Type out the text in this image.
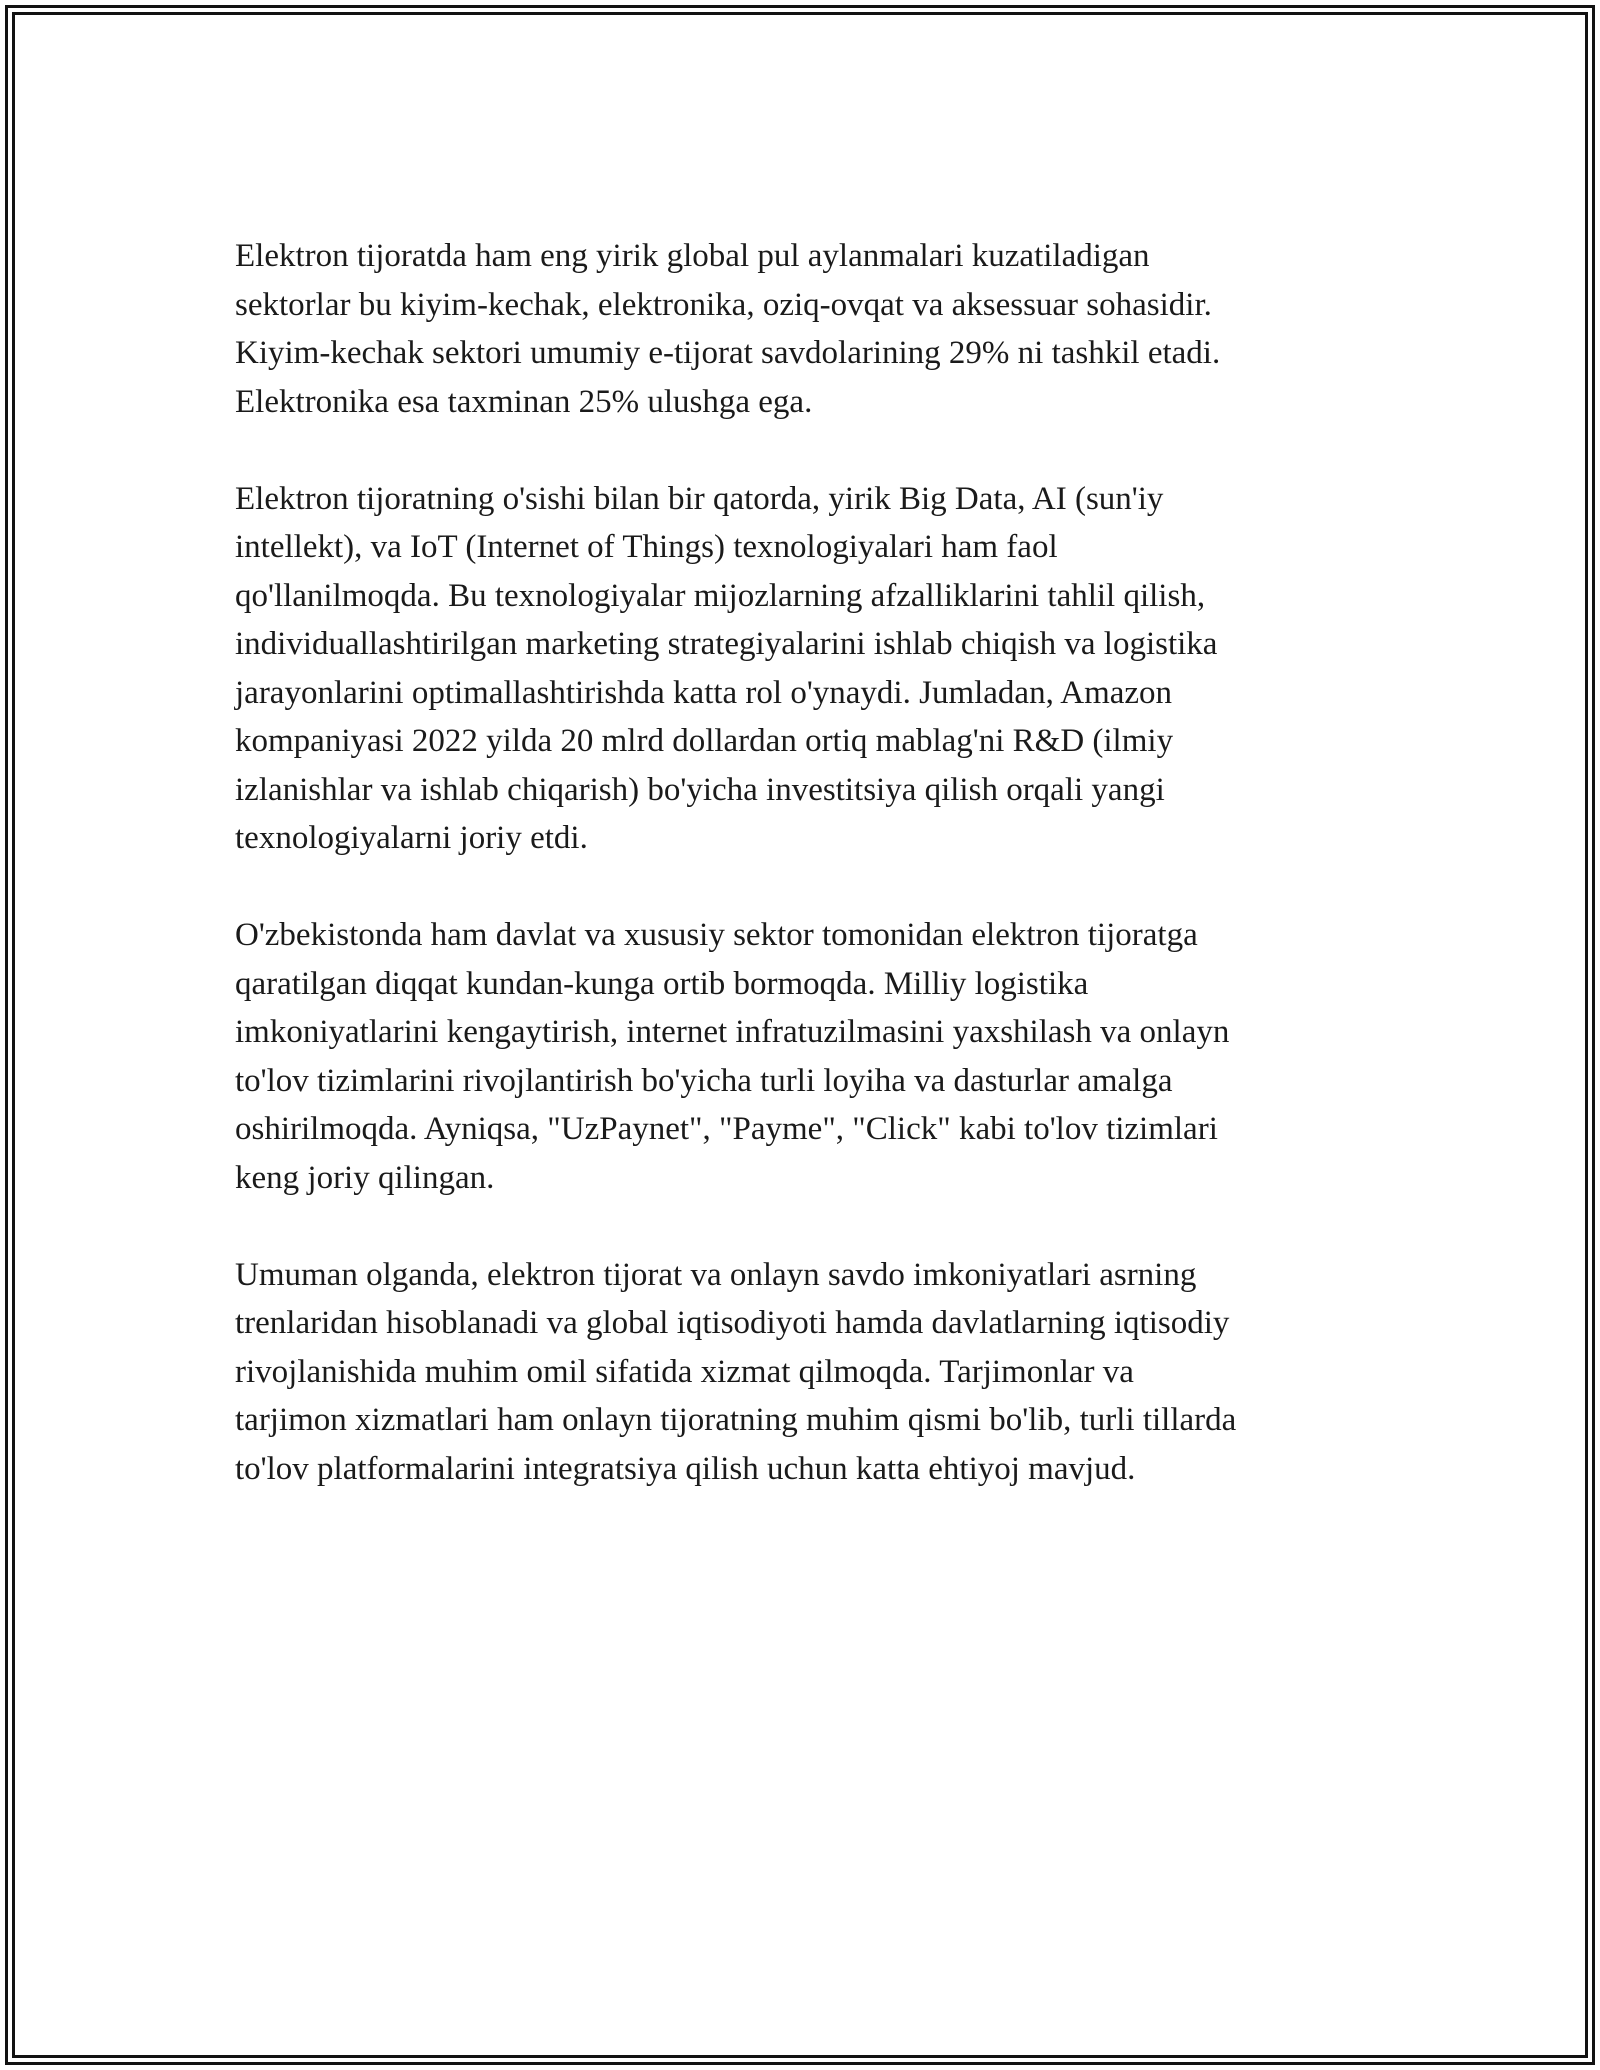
Elektron tijoratda ham eng yirik global pul aylanmalari kuzatiladigan
sektorlar bu kiyim-kechak, elektronika, oziq-ovqat va aksessuar sohasidir.
Kiyim-kechak sektori umumiy e-tijorat savdolarining 29% ni tashkil etadi.
Elektronika esa taxminan 25% ulushga ega.

Elektron tijoratning o'sishi bilan bir qatorda, yirik Big Data, AI (sun'iy
intellekt), va IoT (Internet of Things) texnologiyalari ham faol
qo'llanilmoqda. Bu texnologiyalar mijozlarning afzalliklarini tahlil qilish,
individuallashtirilgan marketing strategiyalarini ishlab chiqish va logistika
jarayonlarini optimallashtirishda katta rol o'ynaydi. Jumladan, Amazon
kompaniyasi 2022 yilda 20 mlrd dollardan ortiq mablag'ni R&D (ilmiy
izlanishlar va ishlab chiqarish) bo'yicha investitsiya qilish orqali yangi
texnologiyalarni joriy etdi.

O'zbekistonda ham davlat va xususiy sektor tomonidan elektron tijoratga
qaratilgan diqqat kundan-kunga ortib bormoqda. Milliy logistika
imkoniyatlarini kengaytirish, internet infratuzilmasini yaxshilash va onlayn
to'lov tizimlarini rivojlantirish bo'yicha turli loyiha va dasturlar amalga
oshirilmoqda. Ayniqsa, "UzPaynet", "Payme", "Click" kabi to'lov tizimlari
keng joriy qilingan.

Umuman olganda, elektron tijorat va onlayn savdo imkoniyatlari asrning
trenlaridan hisoblanadi va global iqtisodiyoti hamda davlatlarning iqtisodiy
rivojlanishida muhim omil sifatida xizmat qilmoqda. Tarjimonlar va
tarjimon xizmatlari ham onlayn tijoratning muhim qismi bo'lib, turli tillarda
to'lov platformalarini integratsiya qilish uchun katta ehtiyoj mavjud.
